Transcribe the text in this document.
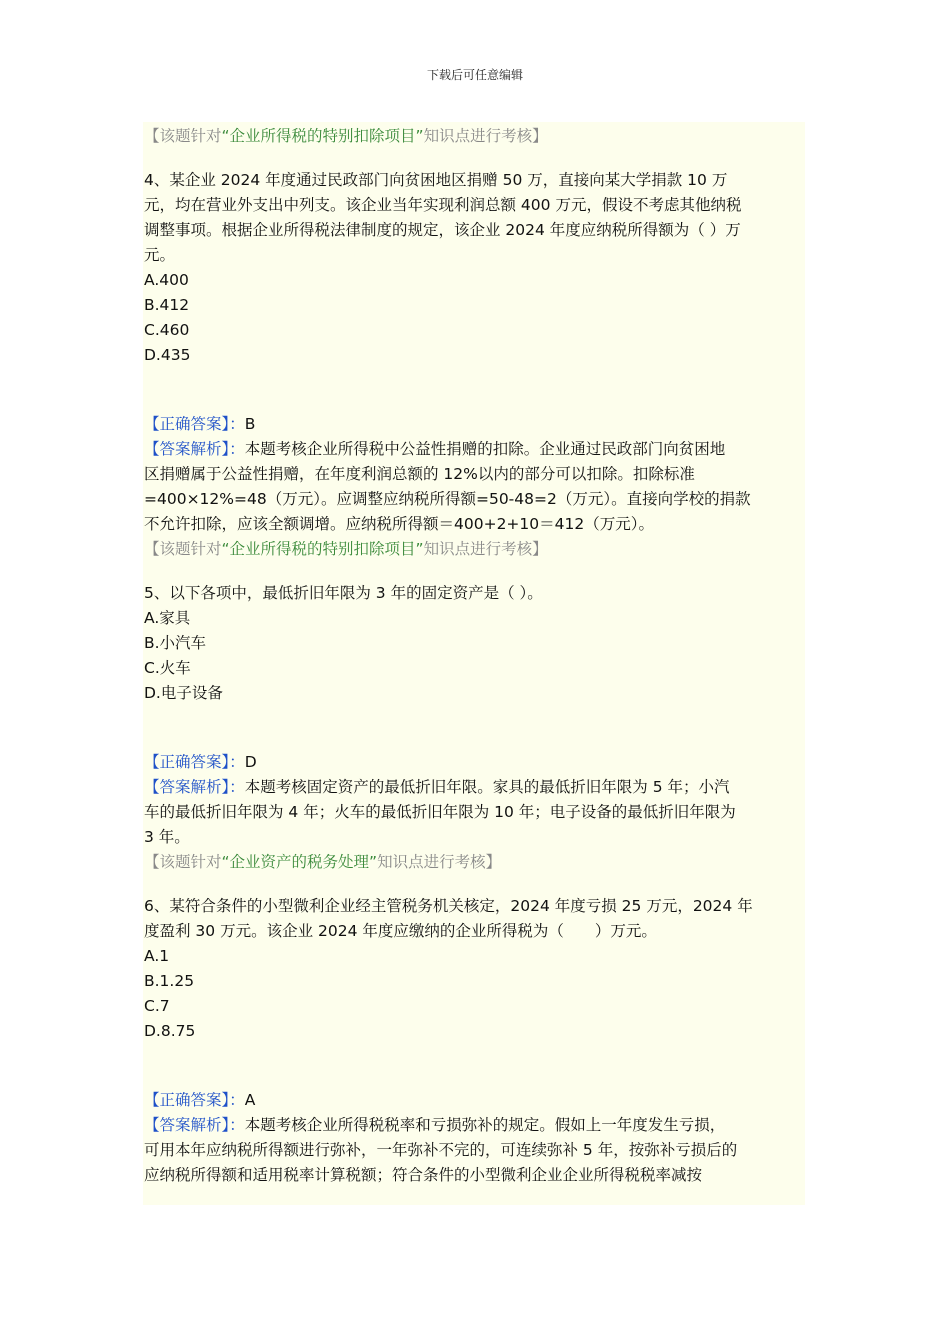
下载后可任意编辑
【该题针对“企业所得税的特别扣除项目”知识点进行考核】
4、某企业 2024 年度通过民政部门向贫困地区捐赠 50 万，直接向某大学捐款 10 万
元，均在营业外支出中列支。该企业当年实现利润总额 400 万元，假设不考虑其他纳税
调整事项。根据企业所得税法律制度的规定，该企业 2024 年度应纳税所得额为（ ）万
元。
A.400
B.412
C.460
D.435
【正确答案】：B
【答案解析】：本题考核企业所得税中公益性捐赠的扣除。企业通过民政部门向贫困地
区捐赠属于公益性捐赠，在年度利润总额的 12%以内的部分可以扣除。扣除标准
=400×12%=48（万元）。应调整应纳税所得额=50-48=2（万元）。直接向学校的捐款
不允许扣除，应该全额调增。应纳税所得额＝400+2+10＝412（万元）。
【该题针对“企业所得税的特别扣除项目”知识点进行考核】
5、以下各项中，最低折旧年限为 3 年的固定资产是（ ）。
A.家具
B.小汽车
C.火车
D.电子设备
【正确答案】：D
【答案解析】：本题考核固定资产的最低折旧年限。家具的最低折旧年限为 5 年；小汽
车的最低折旧年限为 4 年；火车的最低折旧年限为 10 年；电子设备的最低折旧年限为
3 年。
【该题针对“企业资产的税务处理”知识点进行考核】
6、某符合条件的小型微利企业经主管税务机关核定，2024 年度亏损 25 万元，2024 年
度盈利 30 万元。该企业 2024 年度应缴纳的企业所得税为（　　）万元。
A.1
B.1.25
C.7
D.8.75
【正确答案】：A
【答案解析】：本题考核企业所得税税率和亏损弥补的规定。假如上一年度发生亏损，
可用本年应纳税所得额进行弥补，一年弥补不完的，可连续弥补 5 年，按弥补亏损后的
应纳税所得额和适用税率计算税额；符合条件的小型微利企业企业所得税税率减按
